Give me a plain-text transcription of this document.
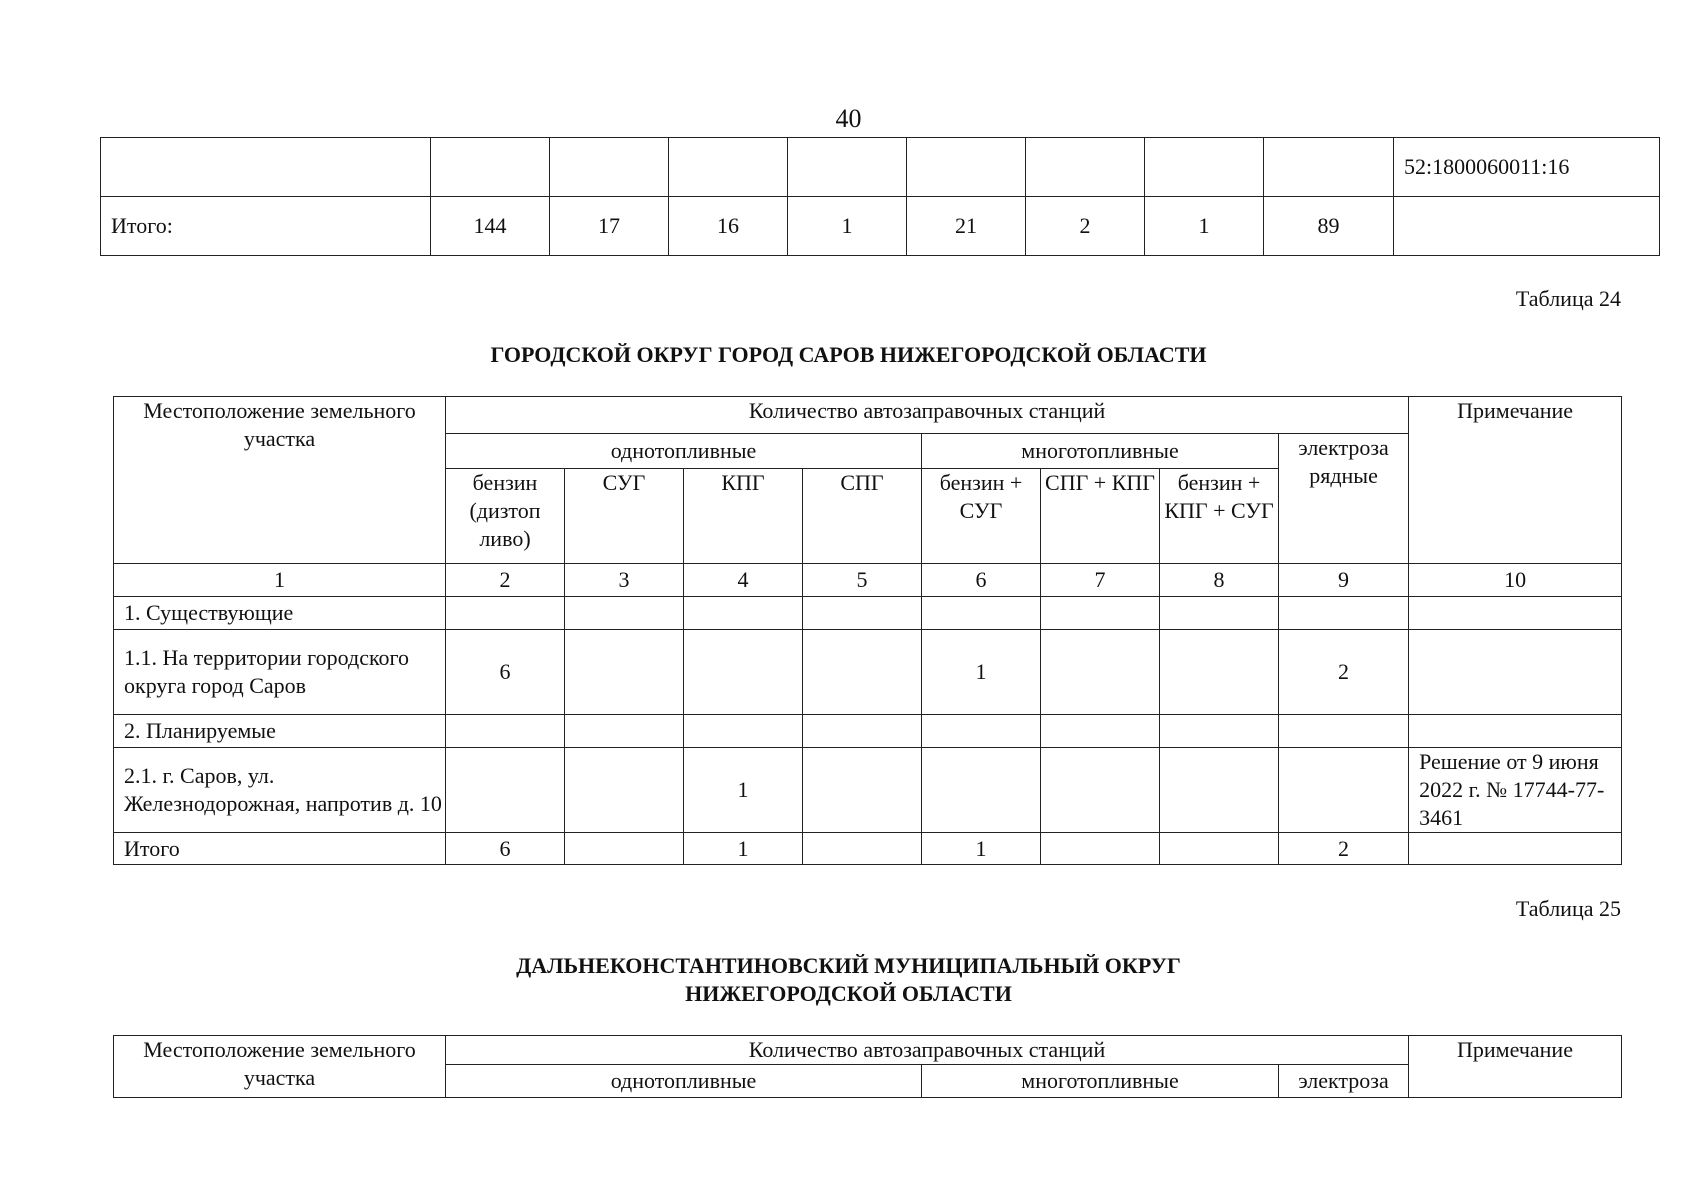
40
									52:1800060011:16
Итого:	144	17	16	1	21	2	1	89	
Таблица 24
ГОРОДСКОЙ ОКРУГ ГОРОД САРОВ НИЖЕГОРОДСКОЙ ОБЛАСТИ
Местоположение земельного участка	Количество автозаправочных станций								Примечание
	однотопливные				многотопливные			электроза рядные	
	бензин (дизтоп ливо)	СУГ	КПГ	СПГ	бензин + СУГ	СПГ + КПГ	бензин + КПГ + СУГ		
1	2	3	4	5	6	7	8	9	10
1. Существующие									
1.1. На территории городского округа город Саров	6				1			2	
2. Планируемые									
2.1. г. Саров, ул. Железнодорожная, напротив д. 10			1						Решение от 9 июня 2022 г. № 17744-77-3461
Итого	6		1		1			2	
Таблица 25
ДАЛЬНЕКОНСТАНТИНОВСКИЙ МУНИЦИПАЛЬНЫЙ ОКРУГ
НИЖЕГОРОДСКОЙ ОБЛАСТИ
Местоположение земельного участка	Количество автозаправочных станций			Примечание
	однотопливные	многотопливные	электроза	
